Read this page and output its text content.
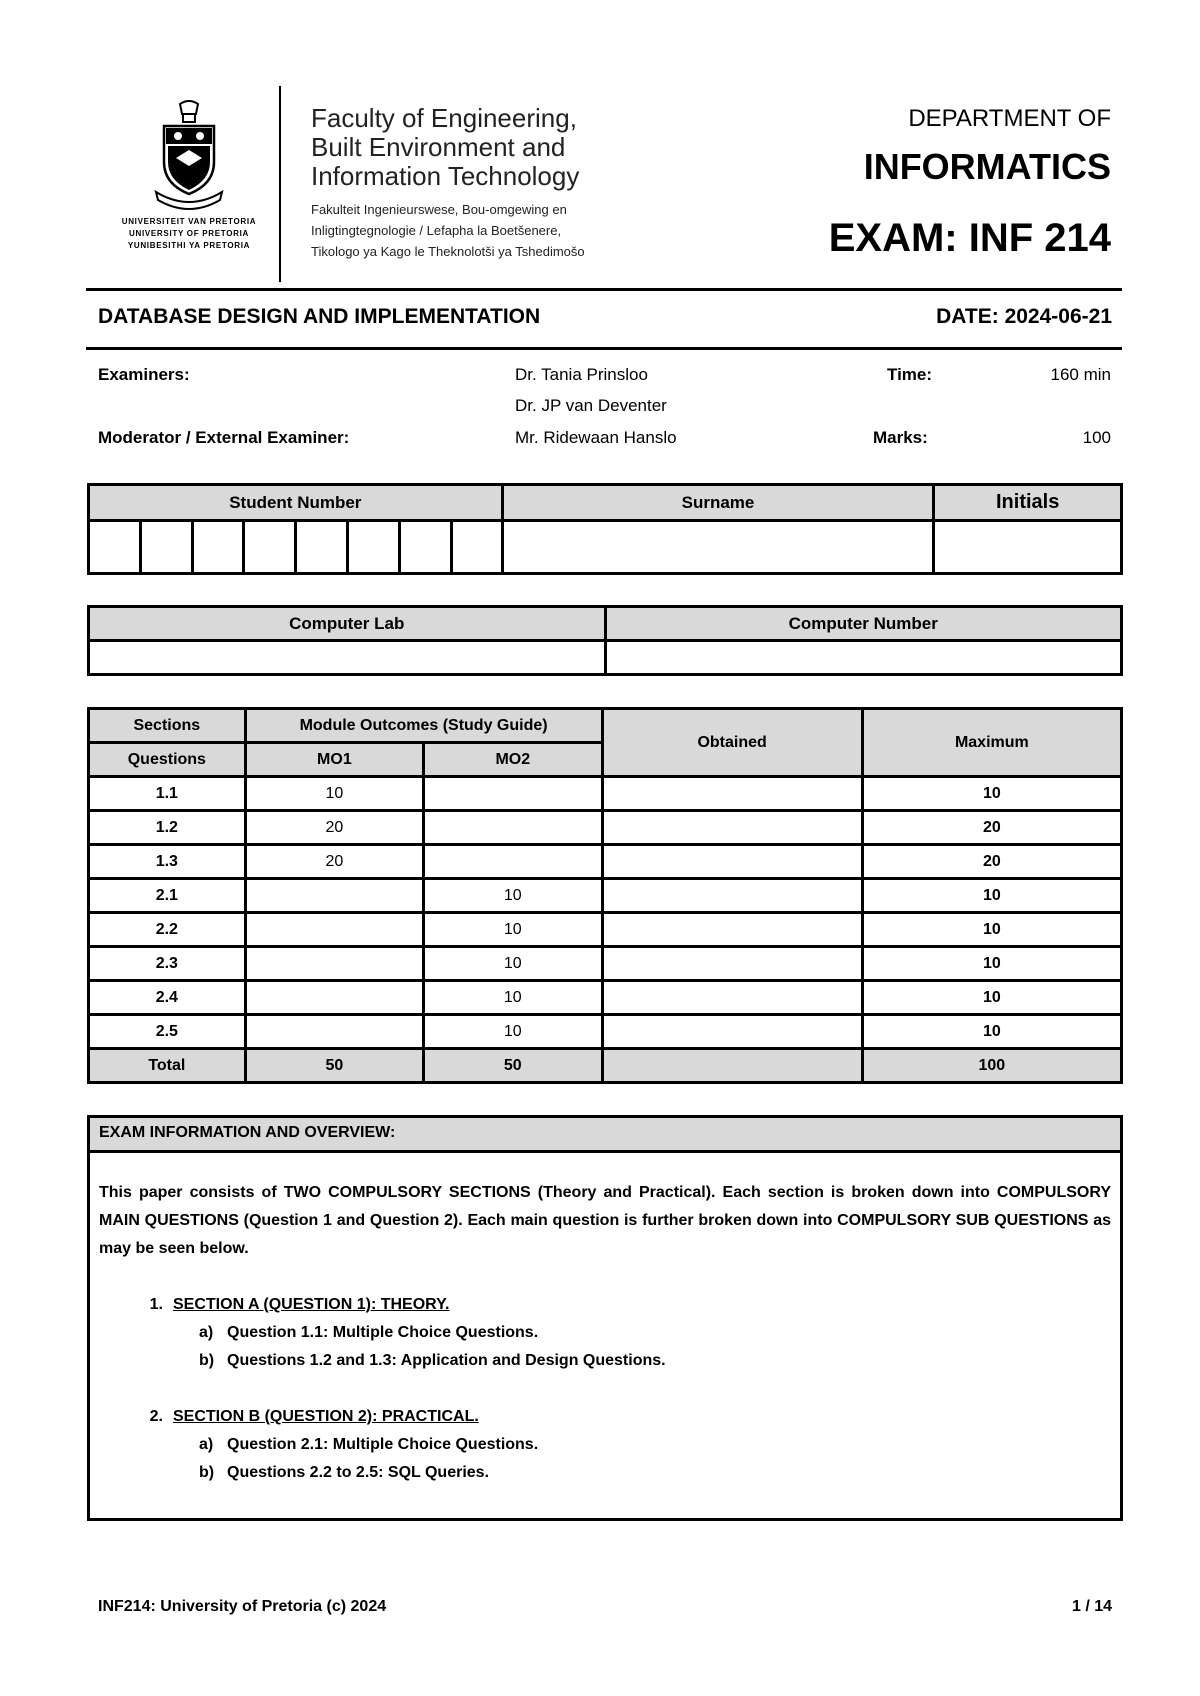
UNIVERSITEIT VAN PRETORIA
UNIVERSITY OF PRETORIA
YUNIBESITHI YA PRETORIA
Faculty of Engineering,
Built Environment and
Information Technology
Fakulteit Ingenieurswese, Bou-omgewing en
Inligtingtegnologie / Lefapha la Boetšenere,
Tikologo ya Kago le Theknolotši ya Tshedimošo
DEPARTMENT OF
INFORMATICS
EXAM: INF 214
DATABASE DESIGN AND IMPLEMENTATION	DATE: 2024-06-21
Examiners:	Dr. Tania Prinsloo
Dr. JP van Deventer
Moderator / External Examiner:	Mr. Ridewaan Hanslo
Time:	160 min
Marks:	100
Student Number								Surname	Initials

Computer Lab	Computer Number

Sections	Module Outcomes (Study Guide)		Obtained	Maximum
Questions	MO1	MO2		
1.1	10			10
1.2	20			20
1.3	20			20
2.1		10		10
2.2		10		10
2.3		10		10
2.4		10		10
2.5		10		10
Total	50	50		100
EXAM INFORMATION AND OVERVIEW:
This paper consists of TWO COMPULSORY SECTIONS (Theory and Practical). Each section is broken down into COMPULSORY MAIN QUESTIONS (Question 1 and Question 2). Each main question is further broken down into COMPULSORY SUB QUESTIONS as may be seen below.
1. SECTION A (QUESTION 1): THEORY.
a) Question 1.1: Multiple Choice Questions.
b) Questions 1.2 and 1.3: Application and Design Questions.
2. SECTION B (QUESTION 2): PRACTICAL.
a) Question 2.1: Multiple Choice Questions.
b) Questions 2.2 to 2.5: SQL Queries.
INF214: University of Pretoria (c) 2024	1 / 14
